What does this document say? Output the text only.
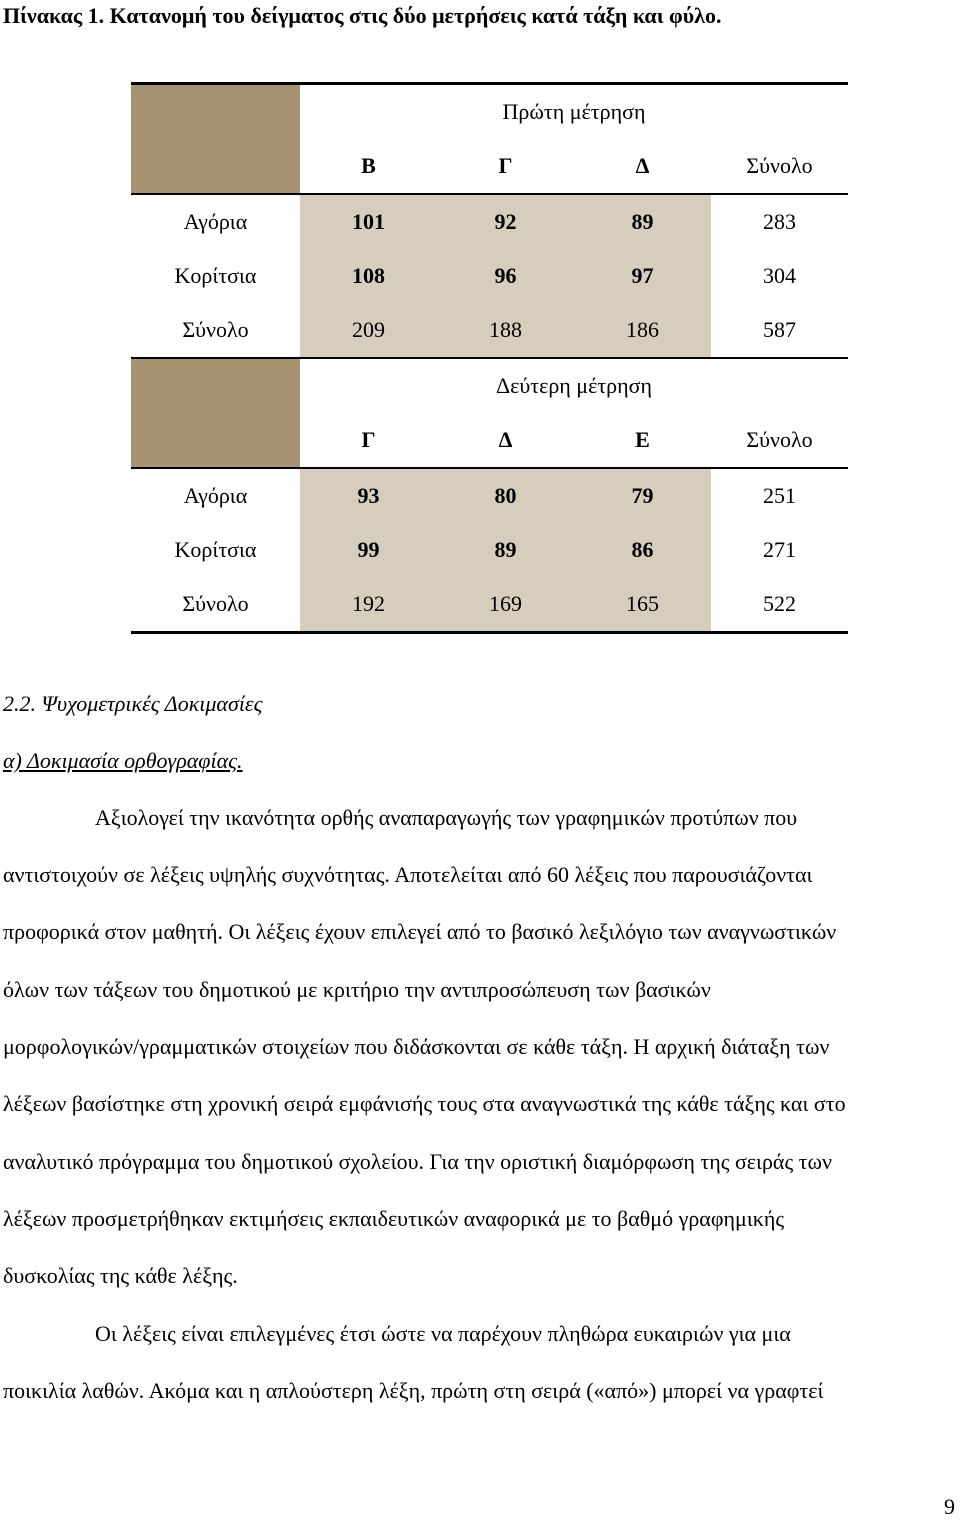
Πίνακας 1. Κατανομή του δείγματος στις δύο μετρήσεις κατά τάξη και φύλο.
	Πρώτη μέτρηση			
	Β	Γ	Δ	Σύνολο
Αγόρια	101	92	89	283
Κορίτσια	108	96	97	304
Σύνολο	209	188	186	587
	Δεύτερη μέτρηση			
	Γ	Δ	Ε	Σύνολο
Αγόρια	93	80	79	251
Κορίτσια	99	89	86	271
Σύνολο	192	169	165	522
2.2. Ψυχομετρικές Δοκιμασίες
α) Δοκιμασία ορθογραφίας.
Αξιολογεί την ικανότητα ορθής αναπαραγωγής των γραφημικών προτύπων που
αντιστοιχούν σε λέξεις υψηλής συχνότητας. Αποτελείται από 60 λέξεις που παρουσιάζονται
προφορικά στον μαθητή. Οι λέξεις έχουν επιλεγεί από το βασικό λεξιλόγιο των αναγνωστικών
όλων των τάξεων του δημοτικού με κριτήριο την αντιπροσώπευση των βασικών
μορφολογικών/γραμματικών στοιχείων που διδάσκονται σε κάθε τάξη. Η αρχική διάταξη των
λέξεων βασίστηκε στη χρονική σειρά εμφάνισής τους στα αναγνωστικά της κάθε τάξης και στο
αναλυτικό πρόγραμμα του δημοτικού σχολείου. Για την οριστική διαμόρφωση της σειράς των
λέξεων προσμετρήθηκαν εκτιμήσεις εκπαιδευτικών αναφορικά με το βαθμό γραφημικής
δυσκολίας της κάθε λέξης.
Οι λέξεις είναι επιλεγμένες έτσι ώστε να παρέχουν πληθώρα ευκαιριών για μια
ποικιλία λαθών. Ακόμα και η απλούστερη λέξη, πρώτη στη σειρά («από») μπορεί να γραφτεί
9
